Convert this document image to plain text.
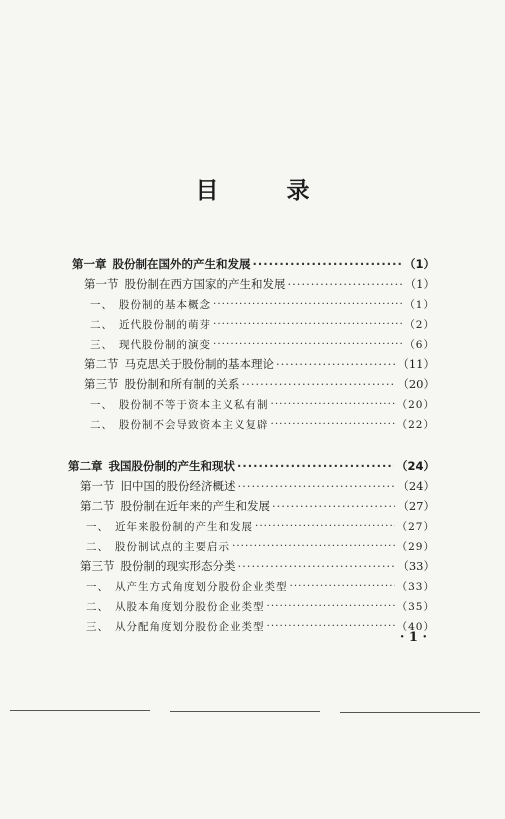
目 录
第一章 股份制在国外的产生和发展 ·····	（1）
第一节 股份制在西方国家的产生和发展 ·····	（1）
一、 股份制的基本概念 ·····	（1）
二、 近代股份制的萌芽 ·····	（2）
三、 现代股份制的演变 ·····	（6）
第二节 马克思关于股份制的基本理论 ·····	（11）
第三节 股份制和所有制的关系 ·····	（20）
一、 股份制不等于资本主义私有制 ·····	（20）
二、 股份制不会导致资本主义复辟 ·····	（22）
第二章 我国股份制的产生和现状 ·····	（24）
第一节 旧中国的股份经济概述 ·····	（24）
第二节 股份制在近年来的产生和发展 ·····	（27）
一、 近年来股份制的产生和发展 ·····	（27）
二、 股份制试点的主要启示 ·····	（29）
第三节 股份制的现实形态分类 ·····	（33）
一、 从产生方式角度划分股份企业类型 ·····	（33）
二、 从股本角度划分股份企业类型 ·····	（35）
三、 从分配角度划分股份企业类型 ·····	（40）
· 1 ·
